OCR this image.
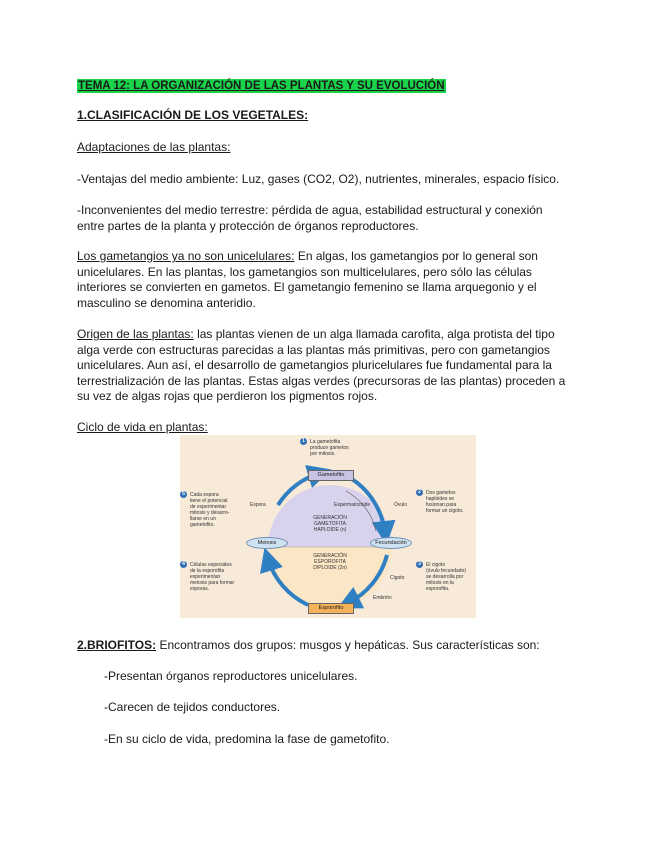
TEMA 12: LA ORGANIZACIÓN DE LAS PLANTAS Y SU EVOLUCIÓN
1.CLASIFICACIÓN DE LOS VEGETALES:
Adaptaciones de las plantas:
-Ventajas del medio ambiente: Luz, gases (CO2, O2), nutrientes, minerales, espacio físico.
-Inconvenientes del medio terrestre: pérdida de agua, estabilidad estructural y conexión entre partes de la planta y protección de órganos reproductores.
Los gametangios ya no son unicelulares: En algas, los gametangios por lo general son unicelulares. En las plantas, los gametangios son multicelulares, pero sólo las células interiores se convierten en gametos. El gametangio femenino se llama arquegonio y el masculino se denomina anteridio.
Origen de las plantas: las plantas vienen de un alga llamada carofita, alga protista del tipo alga verde con estructuras parecidas a las plantas más primitivas, pero con gametangios unicelulares. Aun así, el desarrollo de gametangios pluricelulares fue fundamental para la terrestrialización de las plantas. Estas algas verdes (precursoras de las plantas) proceden a su vez de algas rojas que perdieron los pigmentos rojos.
Ciclo de vida en plantas:
Gametofito
Esporofito
Meiosis	Fecundación
Espora	Espermatozoide	Óvulo
Cigoto
Embrión
GENERACIÓN
GAMETOFITA
HAPLOIDE (n)
GENERACIÓN
ESPOROFITA
DIPLOIDE (2n)
1	La gametofita
produce gametos
por mitosis.
2	Dos gametos
haploides se
fusionan para
formar un cigoto.
3	El cigoto
(óvulo fecundado)
se desarrolla por
mitosis en la
esporofita.
4	Células especiales
de la esporofita
experimentan
meiosis para formar
esporas.
5	Cada espora
tiene el potencial
de experimentar
mitosis y desarro-
llarse en un
gametofito.
2.BRIOFITOS: Encontramos dos grupos: musgos y hepáticas. Sus características son:
-Presentan órganos reproductores unicelulares.
-Carecen de tejidos conductores.
-En su ciclo de vida, predomina la fase de gametofito.
